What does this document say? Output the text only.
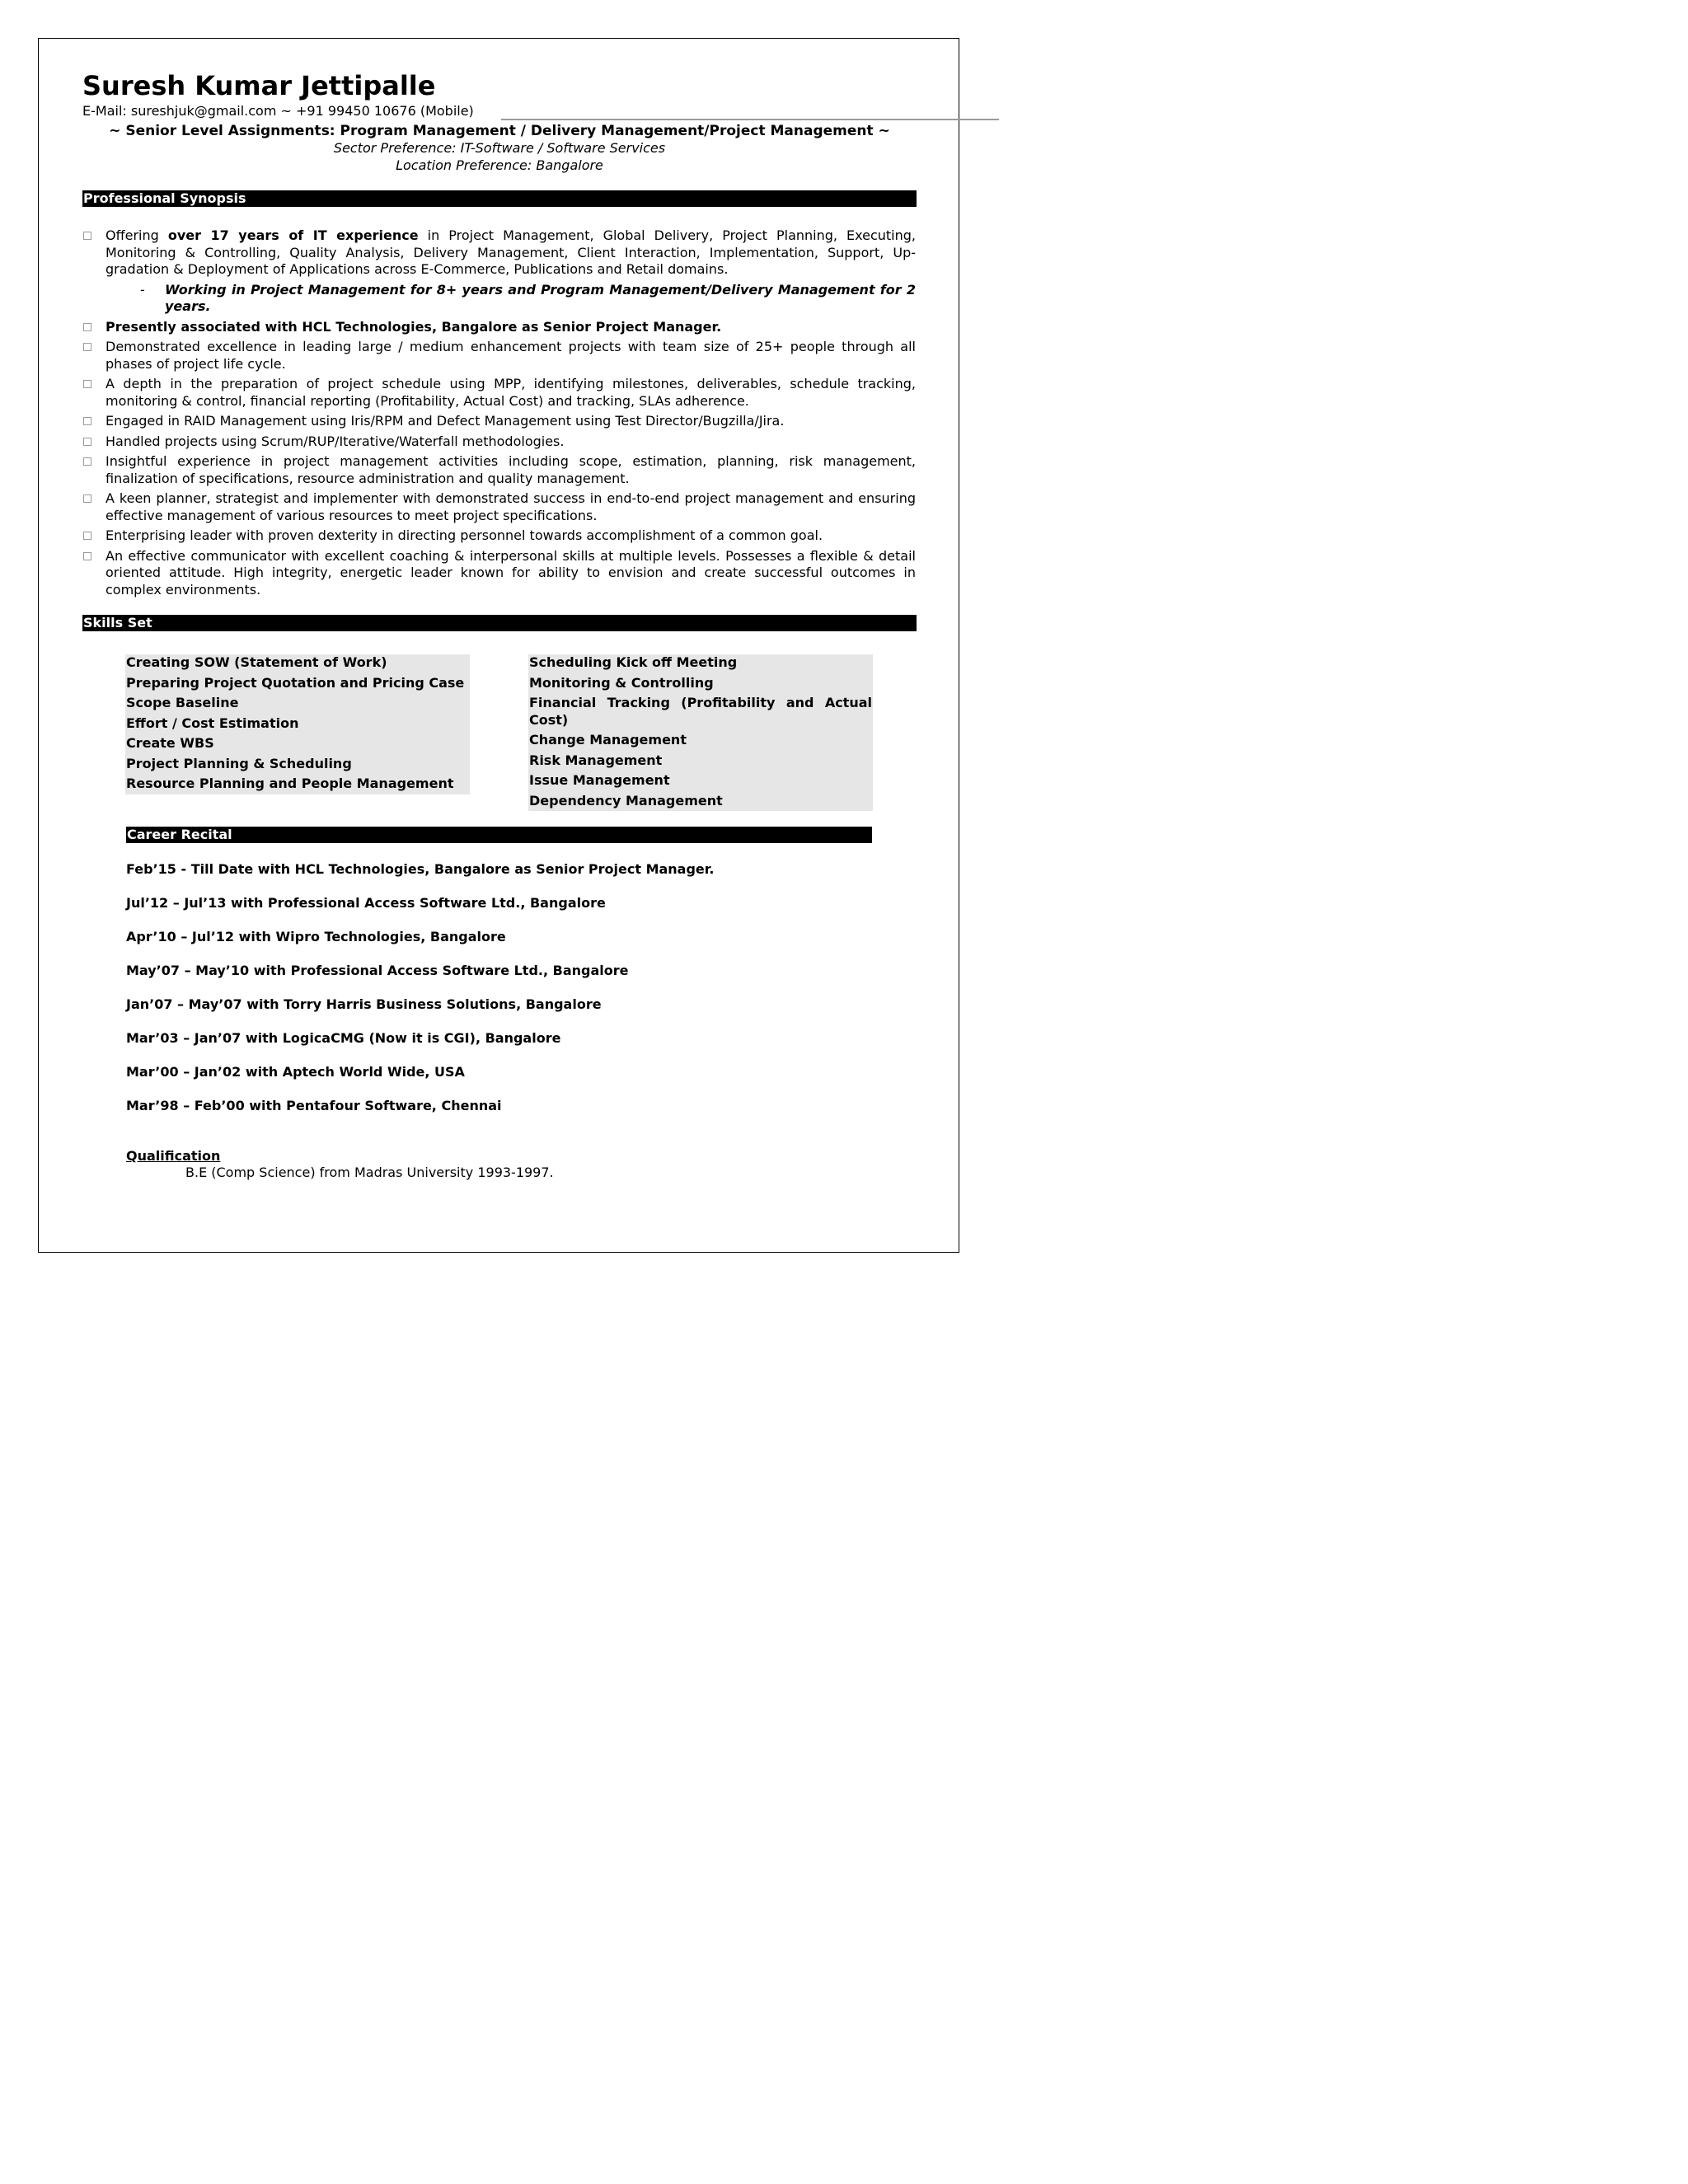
Suresh Kumar Jettipalle
E-Mail: sureshjuk@gmail.com ~ +91 99450 10676 (Mobile)
~ Senior Level Assignments: Program Management / Delivery Management/Project Management ~
Sector Preference: IT-Software / Software Services
Location Preference: Bangalore
Professional Synopsis
Offering over 17 years of IT experience in Project Management, Global Delivery, Project Planning, Executing, Monitoring & Controlling, Quality Analysis, Delivery Management, Client Interaction, Implementation, Support, Up-gradation & Deployment of Applications across E-Commerce, Publications and Retail domains.
- Working in Project Management for 8+ years and Program Management/Delivery Management for 2 years.
Presently associated with HCL Technologies, Bangalore as Senior Project Manager.
Demonstrated excellence in leading large / medium enhancement projects with team size of 25+ people through all phases of project life cycle.
A depth in the preparation of project schedule using MPP, identifying milestones, deliverables, schedule tracking, monitoring & control, financial reporting (Profitability, Actual Cost) and tracking, SLAs adherence.
Engaged in RAID Management using Iris/RPM and Defect Management using Test Director/Bugzilla/Jira.
Handled projects using Scrum/RUP/Iterative/Waterfall methodologies.
Insightful experience in project management activities including scope, estimation, planning, risk management, finalization of specifications, resource administration and quality management.
A keen planner, strategist and implementer with demonstrated success in end-to-end project management and ensuring effective management of various resources to meet project specifications.
Enterprising leader with proven dexterity in directing personnel towards accomplishment of a common goal.
An effective communicator with excellent coaching & interpersonal skills at multiple levels. Possesses a flexible & detail oriented attitude. High integrity, energetic leader known for ability to envision and create successful outcomes in complex environments.
Skills Set
Creating SOW (Statement of Work)
Preparing Project Quotation and Pricing Case
Scope Baseline
Effort / Cost Estimation
Create WBS
Project Planning & Scheduling
Resource Planning and People Management
Scheduling Kick off Meeting
Monitoring & Controlling
Financial Tracking (Profitability and Actual Cost)
Change Management
Risk Management
Issue Management
Dependency Management
Career Recital
Feb’15 - Till Date with HCL Technologies, Bangalore as Senior Project Manager.
Jul’12 – Jul’13 with Professional Access Software Ltd., Bangalore
Apr’10 – Jul’12 with Wipro Technologies, Bangalore
May’07 – May’10 with Professional Access Software Ltd., Bangalore
Jan’07 – May’07 with Torry Harris Business Solutions, Bangalore
Mar’03 – Jan’07 with LogicaCMG (Now it is CGI), Bangalore
Mar’00 – Jan’02 with Aptech World Wide, USA
Mar’98 – Feb’00 with Pentafour Software, Chennai
Qualification
B.E (Comp Science) from Madras University 1993-1997.
